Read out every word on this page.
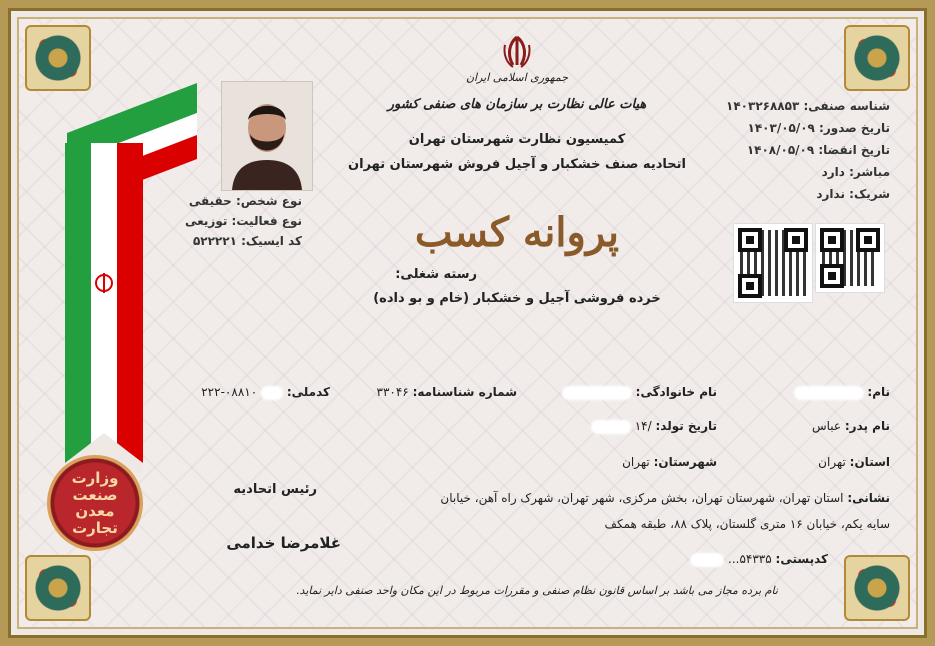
وزارت صنعت معدن تجارت
نوع شخص: حقیقی
نوع فعالیت: توزیعی
کد ایسیک: ۵۲۲۲۲۱
جمهوری اسلامی ایران
هیات عالی نظارت بر سازمان های صنفی کشور
کمیسیون نظارت شهرستان تهران
اتحادیه صنف خشکبار و آجیل فروش شهرستان تهران
پروانه کسب
رسته شغلی:
خرده فروشی آجیل و خشکبار (خام و بو داده)
شناسه صنفی: ۱۴۰۳۲۶۸۸۵۳
تاریخ صدور: ۱۴۰۳/۰۵/۰۹
تاریخ انقضا: ۱۴۰۸/۰۵/۰۹
مباشر: دارد
شریک: ندارد
نام:
نام خانوادگی:
شماره شناسنامه: ۳۳۰۴۶
کدملی:  ۰۸۸۱۰-۲۲۲
نام پدر: عباس
تاریخ تولد: /۱۴
استان: تهران
شهرستان: تهران
نشانی: استان تهران، شهرستان تهران، بخش مرکزی، شهر تهران، شهرک راه آهن، خیابان
سایه یکم، خیابان ۱۶ متری گلستان، پلاک ۸۸، طبقه همکف
کدپستی: ۵۴۳۳۵...
رئیس اتحادیه
غلامرضا خدامی
نام برده مجاز می باشد بر اساس قانون نظام صنفی و مقررات مربوط در این مکان واحد صنفی دایر نماید.
